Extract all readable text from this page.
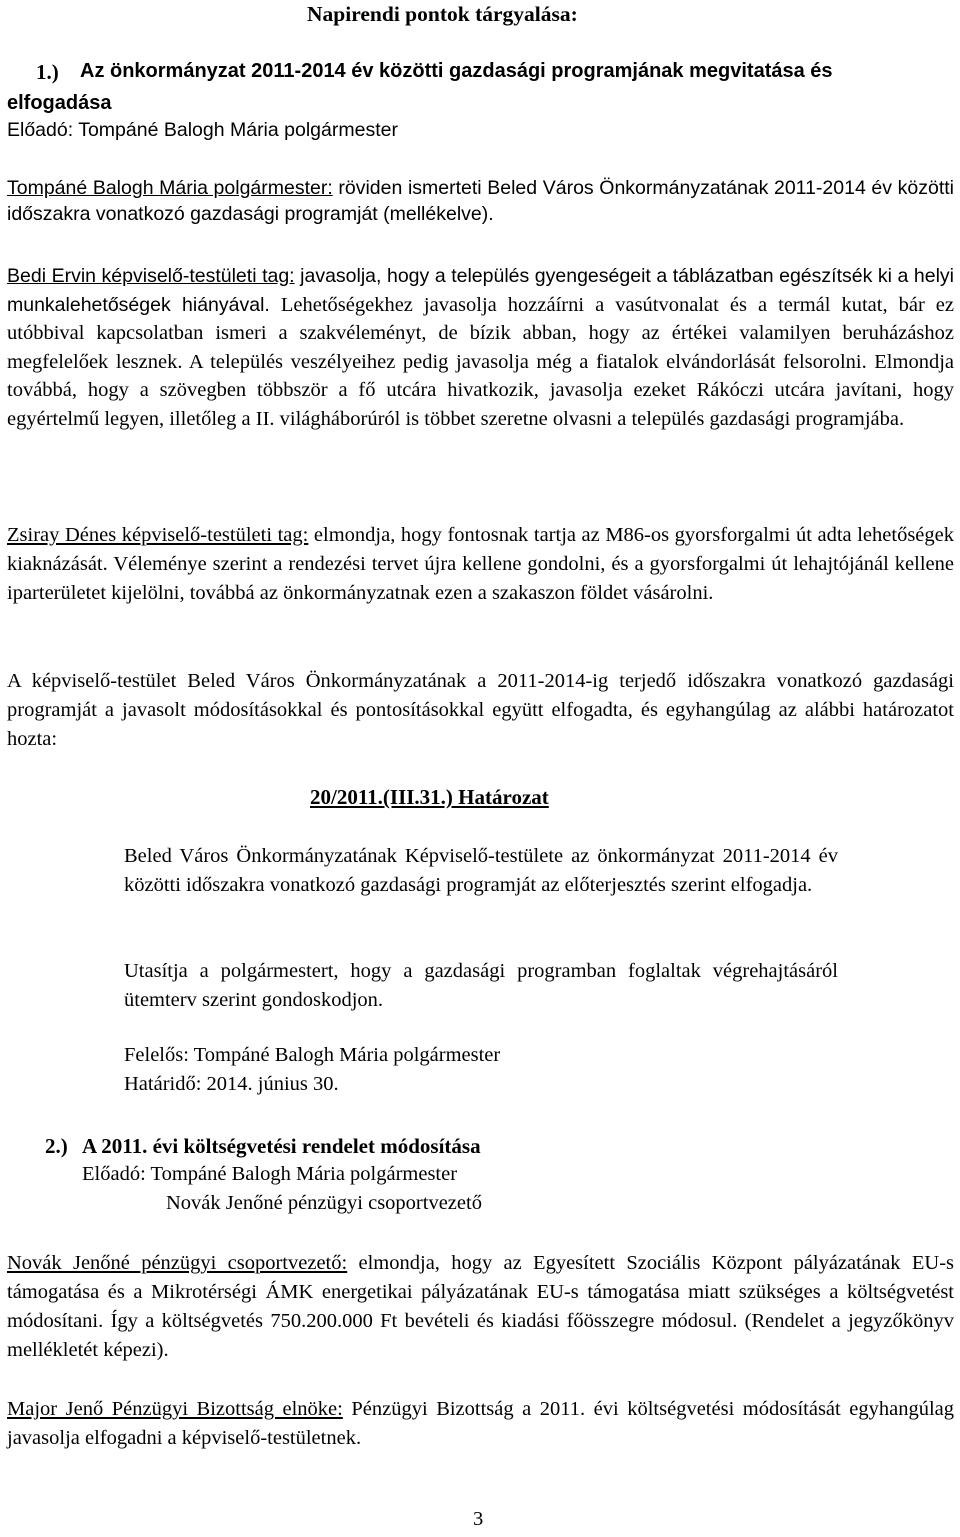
Napirendi pontok tárgyalása:

1.) Az önkormányzat 2011-2014 év közötti gazdasági programjának megvitatása és

elfogadása

Előadó: Tompáné Balogh Mária polgármester

Tompáné Balogh Mária polgármester: röviden ismerteti Beled Város Önkormányzatának 2011-2014 év közötti időszakra vonatkozó gazdasági programját (mellékelve).

Bedi Ervin képviselő-testületi tag: javasolja, hogy a település gyengeségeit a táblázatban egészítsék ki a helyi munkalehetőségek hiányával. Lehetőségekhez javasolja hozzáírni a vasútvonalat és a termál kutat, bár ez utóbbival kapcsolatban ismeri a szakvéleményt, de bízik abban, hogy az értékei valamilyen beruházáshoz megfelelőek lesznek. A település veszélyeihez pedig javasolja még a fiatalok elvándorlását felsorolni. Elmondja továbbá, hogy a szövegben többször a fő utcára hivatkozik, javasolja ezeket Rákóczi utcára javítani, hogy egyértelmű legyen, illetőleg a II. világháborúról is többet szeretne olvasni a település gazdasági programjába.

Zsiray Dénes képviselő-testületi tag: elmondja, hogy fontosnak tartja az M86-os gyorsforgalmi út adta lehetőségek kiaknázását. Véleménye szerint a rendezési tervet újra kellene gondolni, és a gyorsforgalmi út lehajtójánál kellene iparterületet kijelölni, továbbá az önkormányzatnak ezen a szakaszon földet vásárolni.

A képviselő-testület Beled Város Önkormányzatának a 2011-2014-ig terjedő időszakra vonatkozó gazdasági programját a javasolt módosításokkal és pontosításokkal együtt elfogadta, és egyhangúlag az alábbi határozatot hozta:

20/2011.(III.31.) Határozat

Beled Város Önkormányzatának Képviselő-testülete az önkormányzat 2011-2014 év közötti időszakra vonatkozó gazdasági programját az előterjesztés szerint elfogadja.

Utasítja a polgármestert, hogy a gazdasági programban foglaltak végrehajtásáról ütemterv szerint gondoskodjon.

Felelős: Tompáné Balogh Mária polgármester

Határidő: 2014. június 30.

2.) A 2011. évi költségvetési rendelet módosítása

Előadó: Tompáné Balogh Mária polgármester

Novák Jenőné pénzügyi csoportvezető

Novák Jenőné pénzügyi csoportvezető: elmondja, hogy az Egyesített Szociális Központ pályázatának EU-s támogatása és a Mikrotérségi ÁMK energetikai pályázatának EU-s támogatása miatt szükséges a költségvetést módosítani. Így a költségvetés 750.200.000 Ft bevételi és kiadási főösszegre módosul. (Rendelet a jegyzőkönyv mellékletét képezi).

Major Jenő Pénzügyi Bizottság elnöke: Pénzügyi Bizottság a 2011. évi költségvetési módosítását egyhangúlag javasolja elfogadni a képviselő-testületnek.

3
